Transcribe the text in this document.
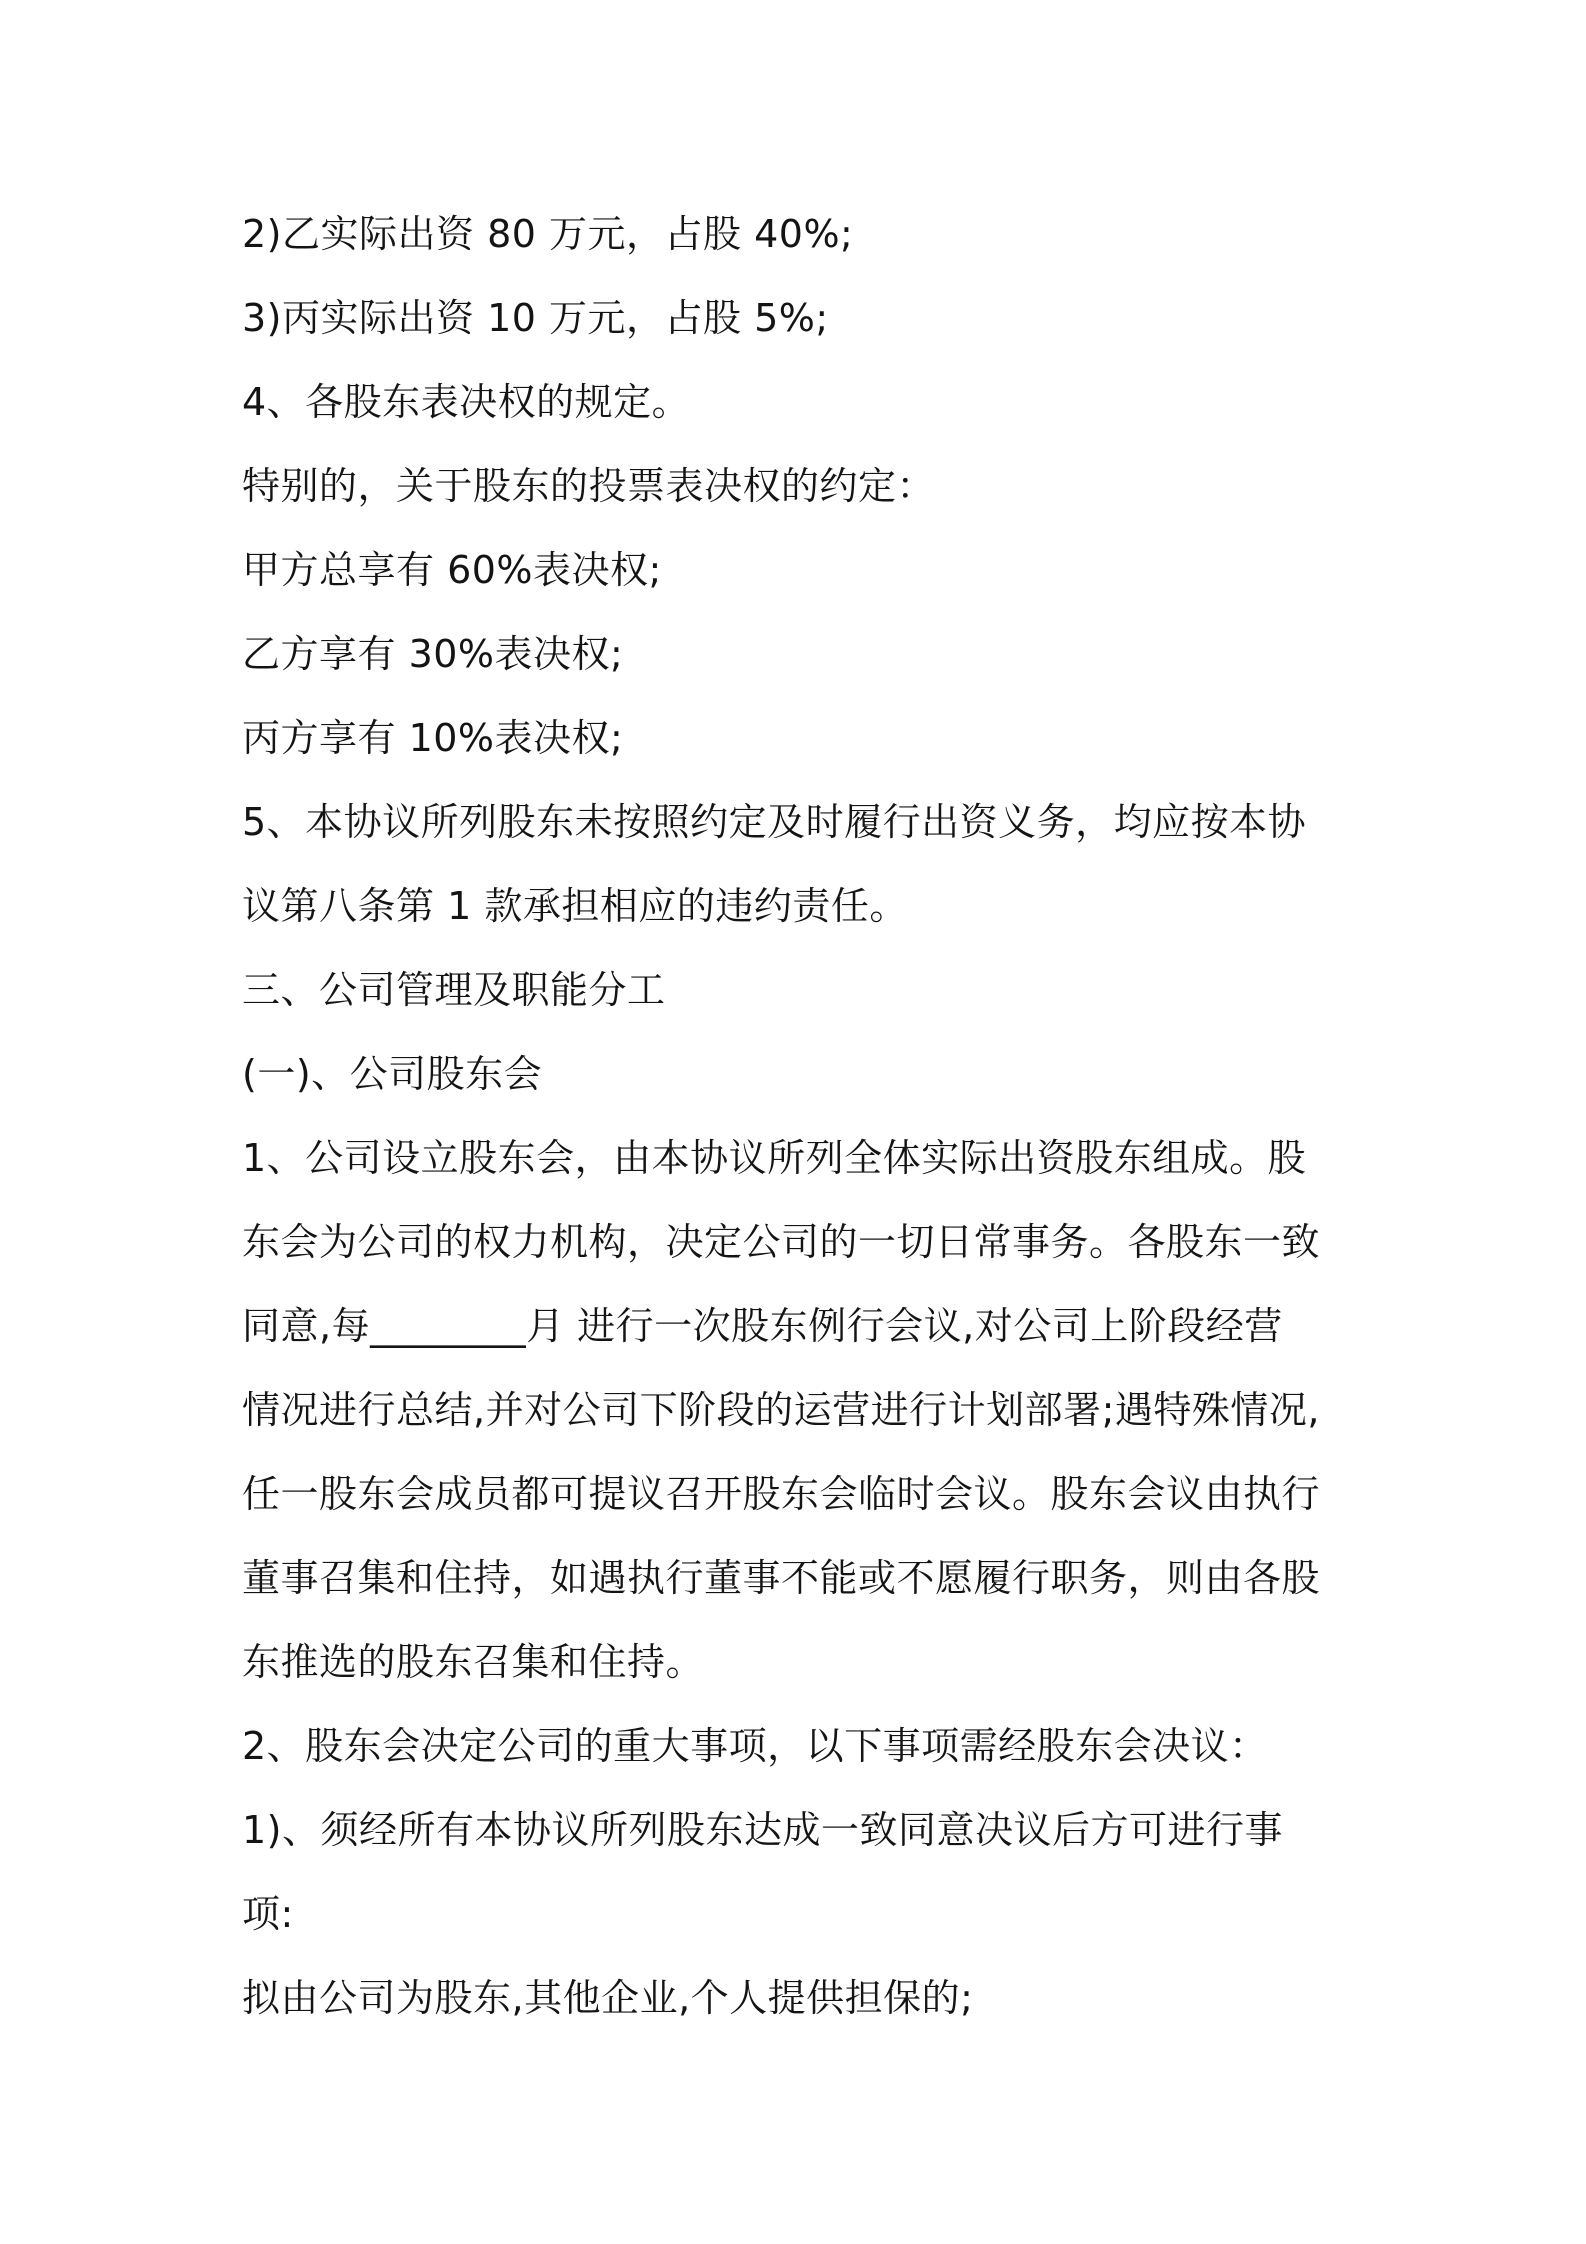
2)乙实际出资 80 万元，占股 40%;
3)丙实际出资 10 万元，占股 5%;
4、各股东表决权的规定。
特别的，关于股东的投票表决权的约定：
甲方总享有 60%表决权;
乙方享有 30%表决权;
丙方享有 10%表决权;
5、本协议所列股东未按照约定及时履行出资义务，均应按本协
议第八条第 1 款承担相应的违约责任。
三、公司管理及职能分工
(一)、公司股东会
1、公司设立股东会，由本协议所列全体实际出资股东组成。股
东会为公司的权力机构，决定公司的一切日常事务。各股东一致
同意,每________月 进行一次股东例行会议,对公司上阶段经营
情况进行总结,并对公司下阶段的运营进行计划部署;遇特殊情况,
任一股东会成员都可提议召开股东会临时会议。股东会议由执行
董事召集和住持，如遇执行董事不能或不愿履行职务，则由各股
东推选的股东召集和住持。
2、股东会决定公司的重大事项，以下事项需经股东会决议：
1)、须经所有本协议所列股东达成一致同意决议后方可进行事
项:
拟由公司为股东,其他企业,个人提供担保的;
